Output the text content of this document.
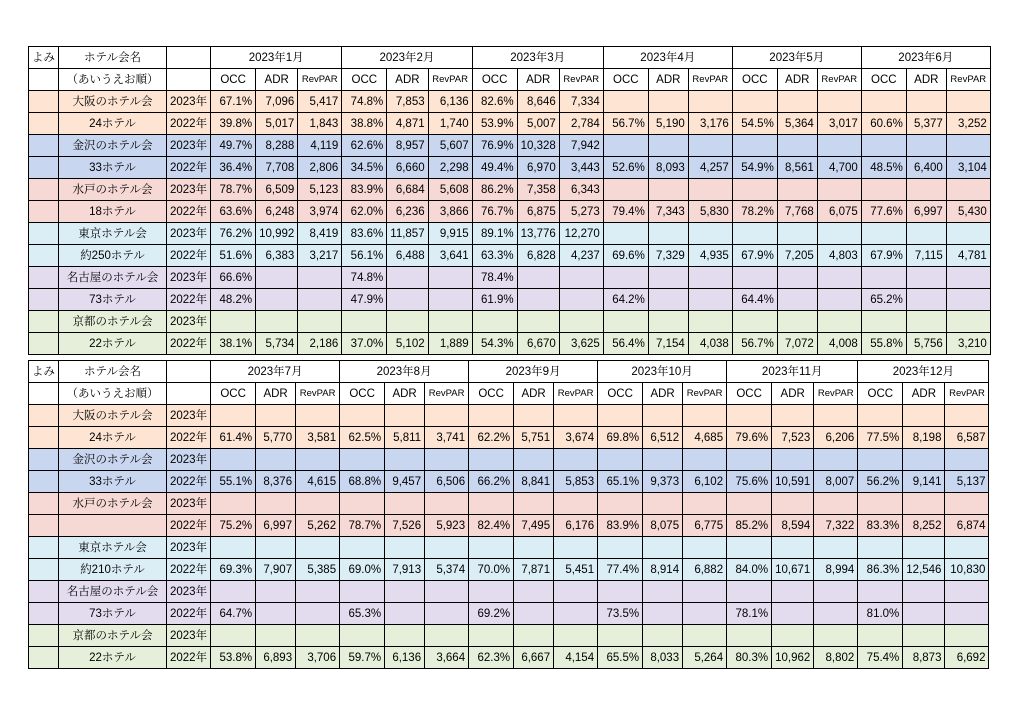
よみ	ホテル会名		2023年1月			2023年2月			2023年3月			2023年4月			2023年5月			2023年6月		
	（あいうえお順）		OCC	ADR	RevPAR	OCC	ADR	RevPAR	OCC	ADR	RevPAR	OCC	ADR	RevPAR	OCC	ADR	RevPAR	OCC	ADR	RevPAR
	大阪のホテル会	2023年	67.1%	7,096	5,417	74.8%	7,853	6,136	82.6%	8,646	7,334									
	24ホテル	2022年	39.8%	5,017	1,843	38.8%	4,871	1,740	53.9%	5,007	2,784	56.7%	5,190	3,176	54.5%	5,364	3,017	60.6%	5,377	3,252
	金沢のホテル会	2023年	49.7%	8,288	4,119	62.6%	8,957	5,607	76.9%	10,328	7,942									
	33ホテル	2022年	36.4%	7,708	2,806	34.5%	6,660	2,298	49.4%	6,970	3,443	52.6%	8,093	4,257	54.9%	8,561	4,700	48.5%	6,400	3,104
	水戸のホテル会	2023年	78.7%	6,509	5,123	83.9%	6,684	5,608	86.2%	7,358	6,343									
	18ホテル	2022年	63.6%	6,248	3,974	62.0%	6,236	3,866	76.7%	6,875	5,273	79.4%	7,343	5,830	78.2%	7,768	6,075	77.6%	6,997	5,430
	東京ホテル会	2023年	76.2%	10,992	8,419	83.6%	11,857	9,915	89.1%	13,776	12,270									
	約250ホテル	2022年	51.6%	6,383	3,217	56.1%	6,488	3,641	63.3%	6,828	4,237	69.6%	7,329	4,935	67.9%	7,205	4,803	67.9%	7,115	4,781
	名古屋のホテル会	2023年	66.6%			74.8%			78.4%											
	73ホテル	2022年	48.2%			47.9%			61.9%			64.2%			64.4%			65.2%		
	京都のホテル会	2023年																		
	22ホテル	2022年	38.1%	5,734	2,186	37.0%	5,102	1,889	54.3%	6,670	3,625	56.4%	7,154	4,038	56.7%	7,072	4,008	55.8%	5,756	3,210
よみ	ホテル会名		2023年7月			2023年8月			2023年9月			2023年10月			2023年11月			2023年12月		
	（あいうえお順）		OCC	ADR	RevPAR	OCC	ADR	RevPAR	OCC	ADR	RevPAR	OCC	ADR	RevPAR	OCC	ADR	RevPAR	OCC	ADR	RevPAR
	大阪のホテル会	2023年																		
	24ホテル	2022年	61.4%	5,770	3,581	62.5%	5,811	3,741	62.2%	5,751	3,674	69.8%	6,512	4,685	79.6%	7,523	6,206	77.5%	8,198	6,587
	金沢のホテル会	2023年																		
	33ホテル	2022年	55.1%	8,376	4,615	68.8%	9,457	6,506	66.2%	8,841	5,853	65.1%	9,373	6,102	75.6%	10,591	8,007	56.2%	9,141	5,137
	水戸のホテル会	2023年																		
		2022年	75.2%	6,997	5,262	78.7%	7,526	5,923	82.4%	7,495	6,176	83.9%	8,075	6,775	85.2%	8,594	7,322	83.3%	8,252	6,874
	東京ホテル会	2023年																		
	約210ホテル	2022年	69.3%	7,907	5,385	69.0%	7,913	5,374	70.0%	7,871	5,451	77.4%	8,914	6,882	84.0%	10,671	8,994	86.3%	12,546	10,830
	名古屋のホテル会	2023年																		
	73ホテル	2022年	64.7%			65.3%			69.2%			73.5%			78.1%			81.0%		
	京都のホテル会	2023年																		
	22ホテル	2022年	53.8%	6,893	3,706	59.7%	6,136	3,664	62.3%	6,667	4,154	65.5%	8,033	5,264	80.3%	10,962	8,802	75.4%	8,873	6,692
